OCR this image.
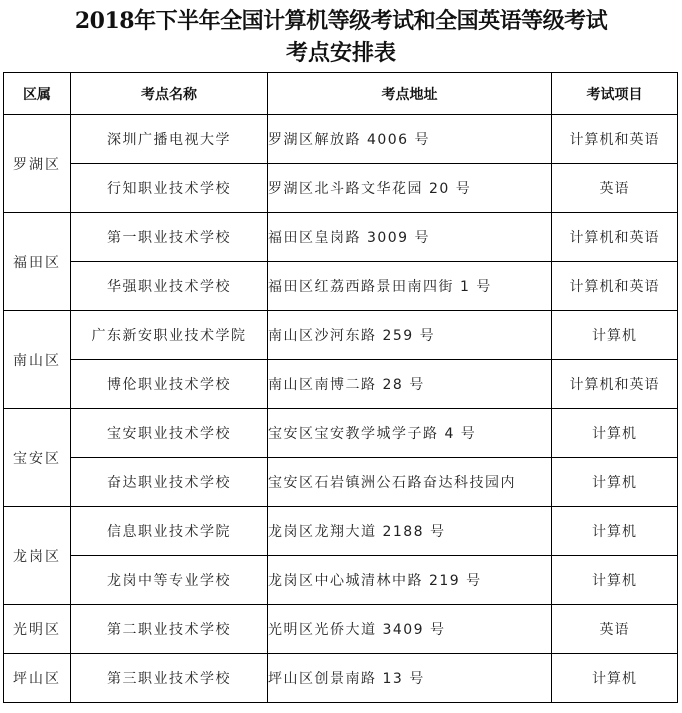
2018年下半年全国计算机等级考试和全国英语等级考试
考点安排表
区属	考点名称	考点地址	考试项目
罗湖区	深圳广播电视大学	罗湖区解放路 4006 号	计算机和英语
	行知职业技术学校	罗湖区北斗路文华花园 20 号	英语
福田区	第一职业技术学校	福田区皇岗路 3009 号	计算机和英语
	华强职业技术学校	福田区红荔西路景田南四街 1 号	计算机和英语
南山区	广东新安职业技术学院	南山区沙河东路 259 号	计算机
	博伦职业技术学校	南山区南博二路 28 号	计算机和英语
宝安区	宝安职业技术学校	宝安区宝安教学城学子路 4 号	计算机
	奋达职业技术学校	宝安区石岩镇洲公石路奋达科技园内	计算机
龙岗区	信息职业技术学院	龙岗区龙翔大道 2188 号	计算机
	龙岗中等专业学校	龙岗区中心城清林中路 219 号	计算机
光明区	第二职业技术学校	光明区光侨大道 3409 号	英语
坪山区	第三职业技术学校	坪山区创景南路 13 号	计算机
